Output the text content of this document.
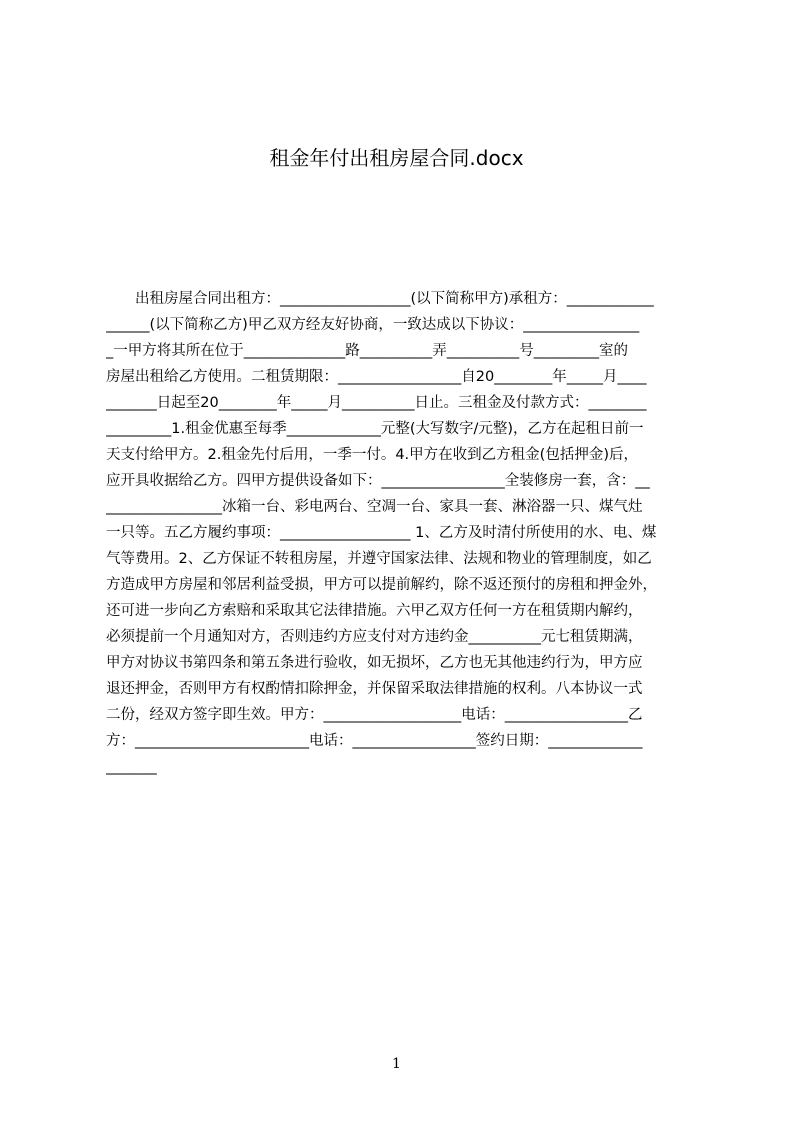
租金年付出租房屋合同.docx
　　出租房屋合同出租方：__________________(以下简称甲方)承租方：____________
______(以下简称乙方)甲乙双方经友好协商，一致达成以下协议：________________
_一甲方将其所在位于______________路__________弄__________号_________室的
房屋出租给乙方使用。二租赁期限：_________________自20________年_____月____
_______日起至20________年_____月__________日止。三租金及付款方式：________
_________1.租金优惠至每季_____________元整(大写数字/元整)，乙方在起租日前一
天支付给甲方。2.租金先付后用，一季一付。4.甲方在收到乙方租金(包括押金)后，
应开具收据给乙方。四甲方提供设备如下：_________________全装修房一套，含：__
________________冰箱一台、彩电两台、空凋一台、家具一套、淋浴器一只、煤气灶
一只等。五乙方履约事项：__________________ 1、乙方及时清付所使用的水、电、煤
气等费用。2、乙方保证不转租房屋，并遵守国家法律、法规和物业的管理制度，如乙
方造成甲方房屋和邻居利益受损，甲方可以提前解约，除不返还预付的房租和押金外，
还可进一步向乙方索赔和采取其它法律措施。六甲乙双方任何一方在租赁期内解约，
必须提前一个月通知对方，否则违约方应支付对方违约金__________元七租赁期满，
甲方对协议书第四条和第五条进行验收，如无损坏，乙方也无其他违约行为，甲方应
退还押金，否则甲方有权酌情扣除押金，并保留采取法律措施的权利。八本协议一式
二份，经双方签字即生效。甲方：___________________电话：_________________乙
方：________________________电话：_________________签约日期：_____________
_______
1
